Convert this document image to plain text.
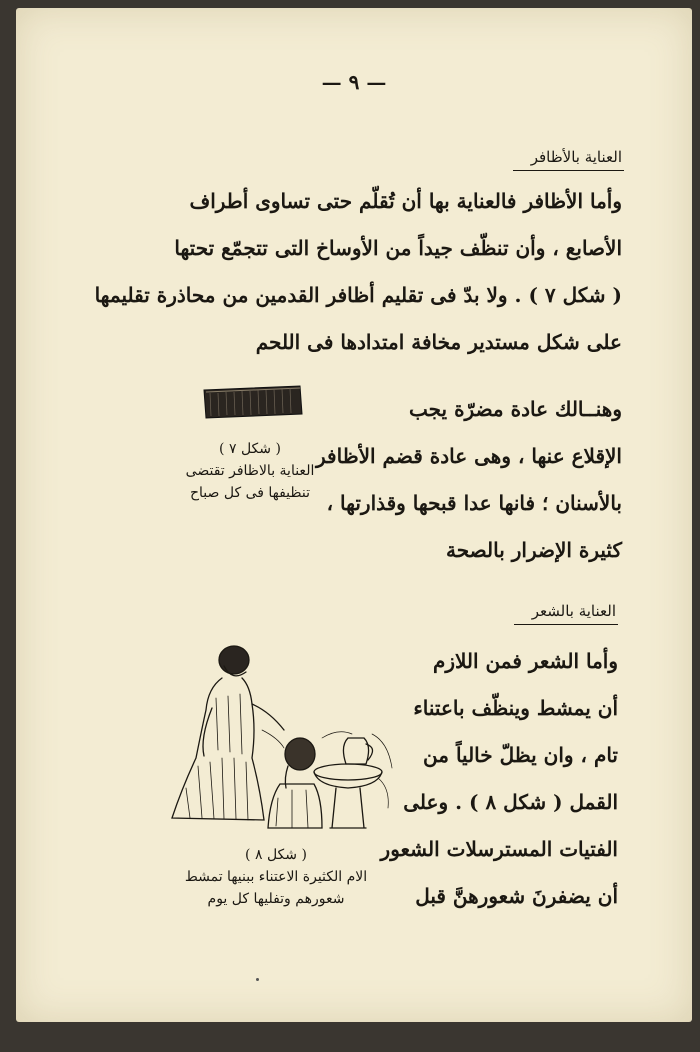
— ٩ —
العناية بالأظافر

وأما الأظافر فالعناية بها أن تُقلّم حتى تساوى أطراف
الأصابع ، وأن تنظّف جيداً من الأوساخ التى تتجمّع تحتها
( شكل ٧ ) . ولا بدّ فى تقليم أظافر القدمين من محاذرة تقليمها
على شكل مستدير مخافة امتدادها فى اللحم

وهنــالك عادة مضرّة يجب
الإقلاع عنها ، وهى عادة قضم الأظافر
بالأسنان ؛ فانها عدا قبحها وقذارتها ،
كثيرة الإضرار بالصحة

( شكل ٧ )
العناية بالاظافر تقتضى
تنظيفها فى كل صباح
العناية بالشعر

وأما الشعر فمن اللازم
أن يمشط وينظّف باعتناء
تام ، وان يظلّ خالياً من
القمل ( شكل ٨ ) . وعلى
الفتيات المسترسلات الشعور
أن يضفرنَ شعورهنَّ قبل

( شكل ٨ )
الام الكثيرة الاعتناء ببنيها تمشط
شعورهم وتفليها كل يوم
